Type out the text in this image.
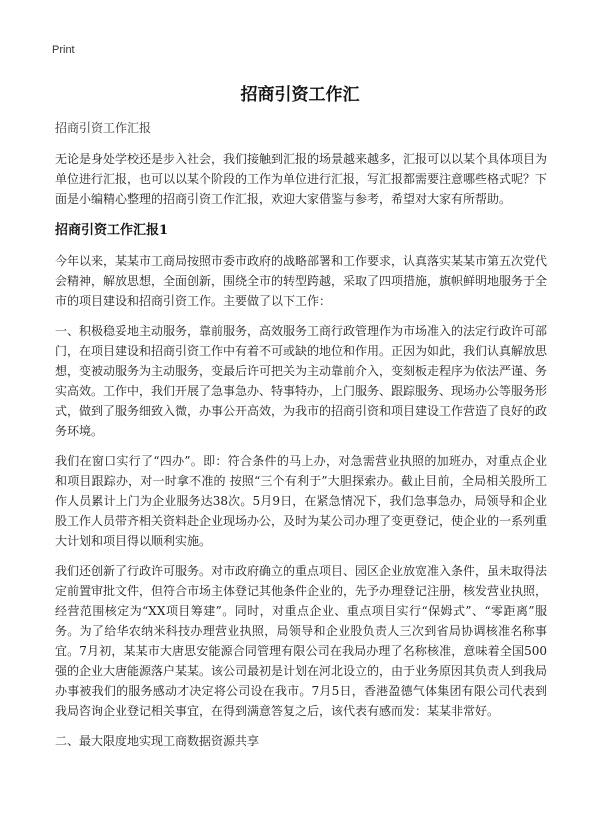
Print
招商引资工作汇

招商引资工作汇报

无论是身处学校还是步入社会，我们接触到汇报的场景越来越多，汇报可以以某个具体项目为单位进行汇报，也可以以某个阶段的工作为单位进行汇报，写汇报都需要注意哪些格式呢？下面是小编精心整理的招商引资工作汇报，欢迎大家借鉴与参考，希望对大家有所帮助。

招商引资工作汇报1

今年以来，某某市工商局按照市委市政府的战略部署和工作要求，认真落实某某市第五次党代会精神，解放思想，全面创新，围绕全市的转型跨越，采取了四项措施，旗帜鲜明地服务于全市的项目建设和招商引资工作。主要做了以下工作：

一、积极稳妥地主动服务，靠前服务，高效服务工商行政管理作为市场准入的法定行政许可部门，在项目建设和招商引资工作中有着不可或缺的地位和作用。正因为如此，我们认真解放思想，变被动服务为主动服务，变最后许可把关为主动靠前介入，变刻板走程序为依法严谨、务实高效。工作中，我们开展了急事急办、特事特办，上门服务、跟踪服务、现场办公等服务形式，做到了服务细致入微，办事公开高效，为我市的招商引资和项目建设工作营造了良好的政务环境。

我们在窗口实行了“四办”。即：符合条件的马上办，对急需营业执照的加班办，对重点企业和项目跟踪办，对一时拿不准的 按照“三个有利于”大胆探索办。截止目前，全局相关股所工作人员累计上门为企业服务达38次。5月9日，在紧急情况下，我们急事急办，局领导和企业股工作人员带齐相关资料赴企业现场办公，及时为某公司办理了变更登记，使企业的一系列重大计划和项目得以顺利实施。

我们还创新了行政许可服务。对市政府确立的重点项目、园区企业放宽准入条件，虽未取得法定前置审批文件，但符合市场主体登记其他条件企业的，先予办理登记注册，核发营业执照，经营范围核定为“XX项目筹建”。同时，对重点企业、重点项目实行“保姆式”、“零距离”服务。为了给华农纳米科技办理营业执照，局领导和企业股负责人三次到省局协调核准名称事宜。7月初，某某市大唐思安能源合同管理有限公司在我局办理了名称核准，意味着全国500强的企业大唐能源落户某某。该公司最初是计划在河北设立的，由于业务原因其负责人到我局办事被我们的服务感动才决定将公司设在我市。7月5日，香港盈德气体集团有限公司代表到我局咨询企业登记相关事宜，在得到满意答复之后，该代表有感而发：某某非常好。

二、最大限度地实现工商数据资源共享
